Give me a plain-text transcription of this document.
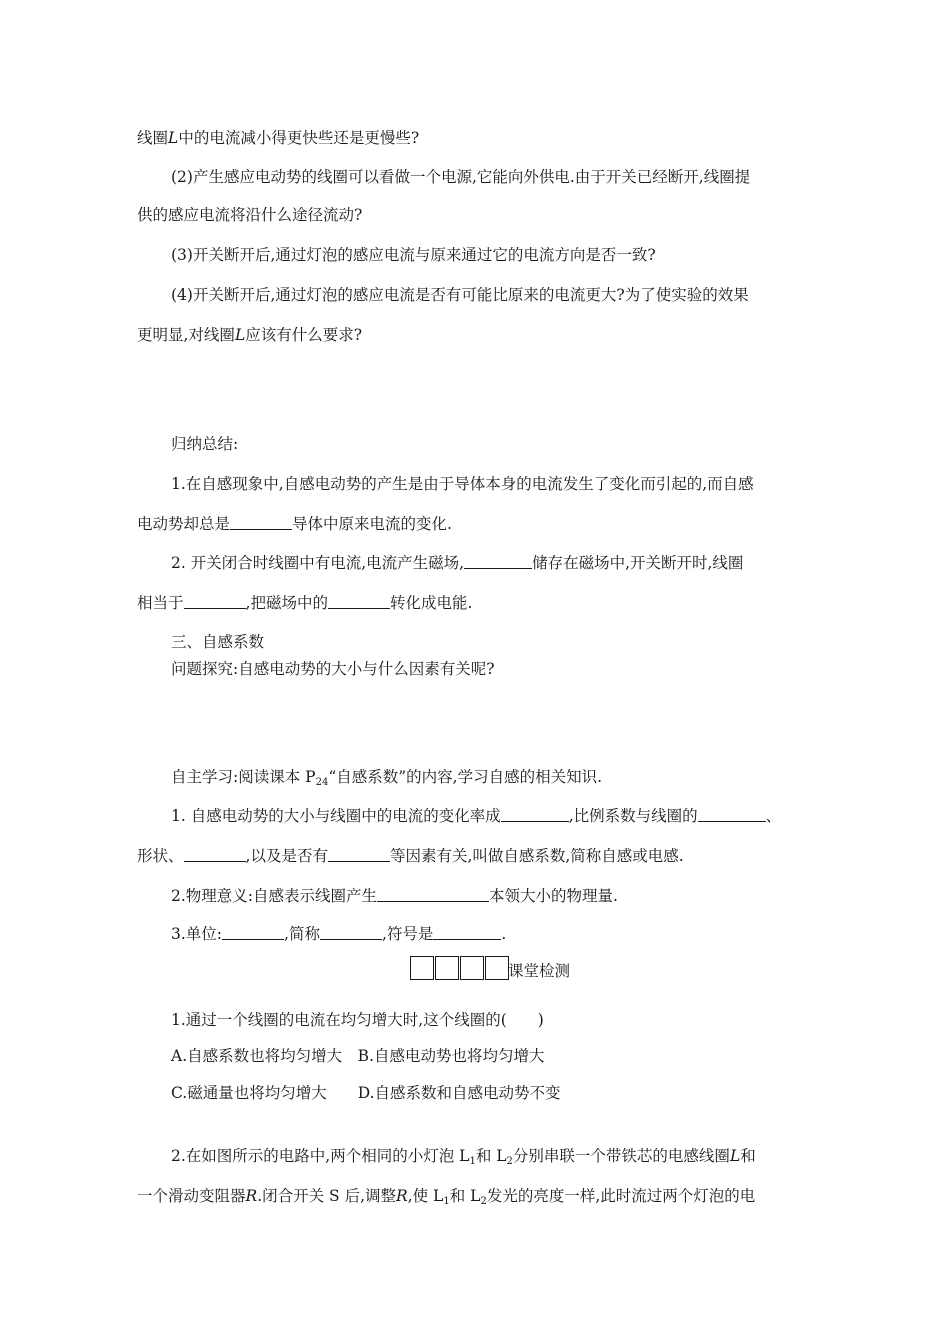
线圈L中的电流减小得更快些还是更慢些?
(2)产生感应电动势的线圈可以看做一个电源,它能向外供电.由于开关已经断开,线圈提
供的感应电流将沿什么途径流动?
(3)开关断开后,通过灯泡的感应电流与原来通过它的电流方向是否一致?
(4)开关断开后,通过灯泡的感应电流是否有可能比原来的电流更大?为了使实验的效果
更明显,对线圈L应该有什么要求?
归纳总结:
1.在自感现象中,自感电动势的产生是由于导体本身的电流发生了变化而引起的,而自感
电动势却总是	导体中原来电流的变化.
2. 开关闭合时线圈中有电流,电流产生磁场,	储存在磁场中,开关断开时,线圈
相当于	,把磁场中的	转化成电能.
三、自感系数
问题探究:自感电动势的大小与什么因素有关呢?
自主学习:阅读课本 $P_{24}“$自感系数”的内容,学习自感的相关知识.
1. 自感电动势的大小与线圈中的电流的变化率成	,比例系数与线圈的	、
形状、	,以及是否有	等因素有关,叫做自感系数,简称自感或电感.
2.物理意义:自感表示线圈产生	本领大小的物理量.
3.单位:	,简称	,符号是	.
课堂检测
1.通过一个线圈的电流在均匀增大时,这个线圈的(　　)
A.自感系数也将均匀增大　B.自感电动势也将均匀增大
C.磁通量也将均匀增大　　D.自感系数和自感电动势不变
2.在如图所示的电路中,两个相同的小灯泡 $L_1$和 $L_2$分别串联一个带铁芯的电感线圈L和
一个滑动变阻器R.闭合开关 S 后,调整R,使 $L_1$和 $L_2$发光的亮度一样,此时流过两个灯泡的电
